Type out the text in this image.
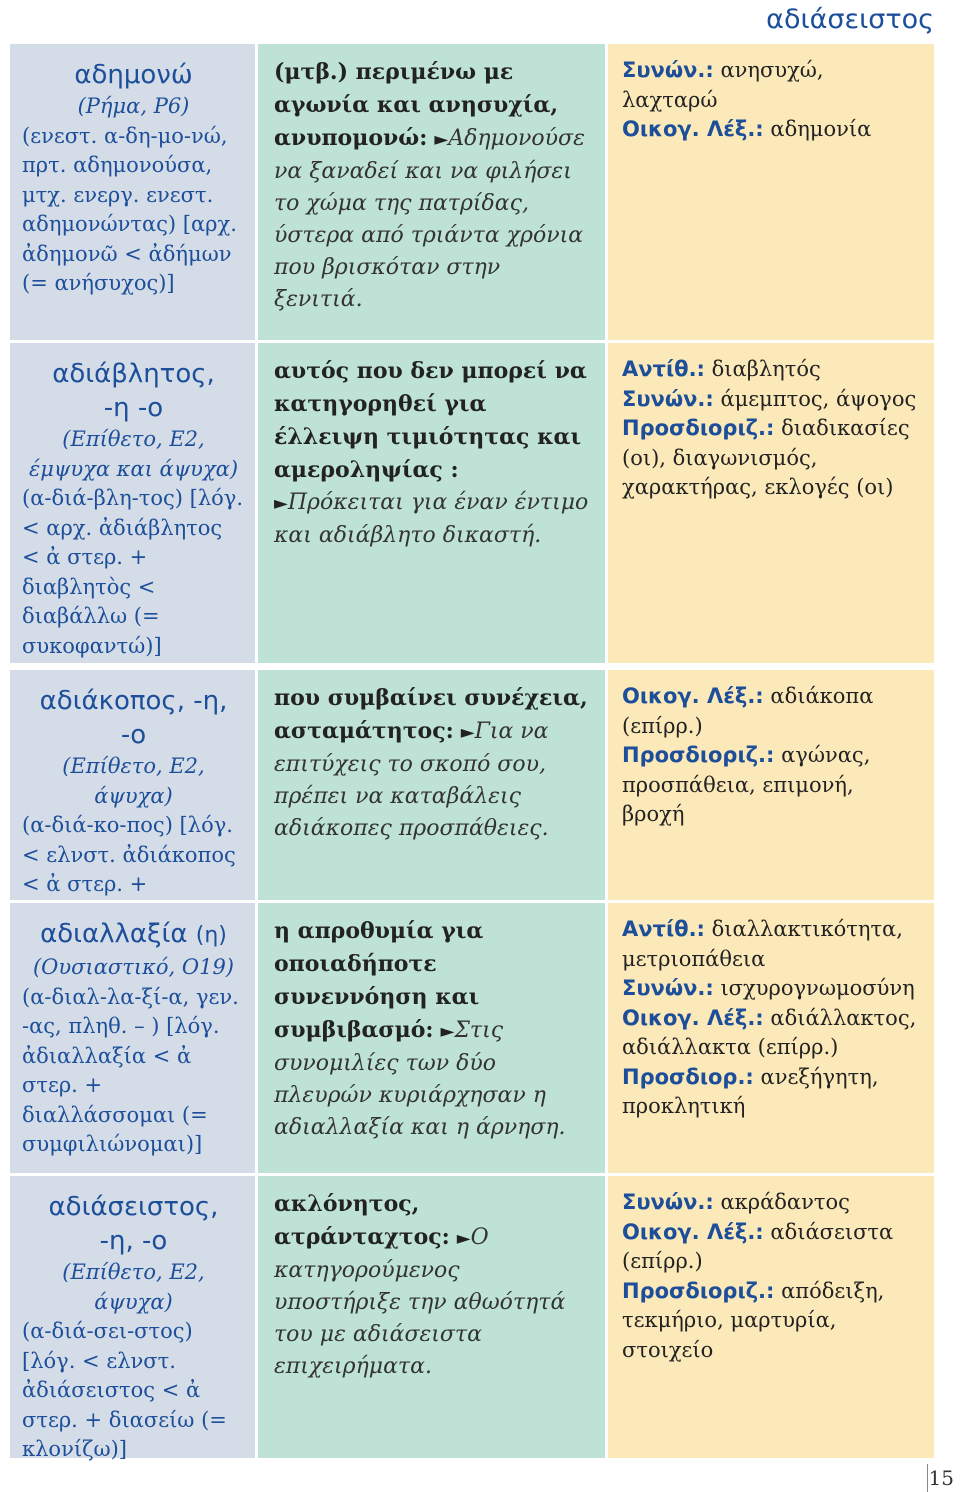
αδιάσειστος
αδημονώ
(Ρήμα, Ρ6)
(ενεστ. α-δη-μο-νώ, πρτ. αδημονούσα, μτχ. ενεργ. ενεστ. αδημονώντας) [αρχ. ἀδημονῶ < ἀδήμων (= ανήσυχος)]
(μτβ.) περιμένω με αγωνία και ανησυχία, ανυπομονώ: ►Αδημονούσε να ξαναδεί και να φιλήσει το χώμα της πατρίδας, ύστερα από τριάντα χρόνια που βρισκόταν στην ξενιτιά.

Συνών.: ανησυχώ, λαχταρώ

Οικογ. Λέξ.: αδημονία

αδιάβλητος,
-η -ο
(Επίθετο, Ε2, έμψυχα και άψυχα)
(α-διά-βλη-τος) [λόγ. < αρχ. ἀδιάβλητος < ἀ στερ. + διαβλητὸς < διαβάλλω (= συκοφαντώ)]
αυτός που δεν μπορεί να κατηγορηθεί για έλλειψη τιμιότητας και αμεροληψίας : ►Πρόκειται για έναν έντιμο και αδιάβλητο δικαστή.

Αντίθ.: διαβλητός

Συνών.: άμεμπτος, άψογος

Προσδιοριζ.: διαδικασίες (οι), διαγωνισμός, χαρακτήρας, εκλογές (οι)

αδιάκοπος, -η,
-ο
(Επίθετο, Ε2, άψυχα)
(α-διά-κο-πος) [λόγ. < ελνστ. ἀδιάκοπος < ἀ στερ. +
που συμβαίνει συνέχεια, ασταμάτητος: ►Για να επιτύχεις το σκοπό σου, πρέπει να καταβάλεις αδιάκοπες προσπάθειες.

Οικογ. Λέξ.: αδιάκοπα (επίρρ.)

Προσδιοριζ.: αγώνας, προσπάθεια, επιμονή, βροχή

αδιαλλαξία (η)
(Ουσιαστικό, Ο19)
(α-διαλ-λα-ξί-α, γεν. -ας, πληθ. – ) [λόγ. ἀδιαλλαξία < ἀ στερ. + διαλλάσσομαι (= συμφιλιώνομαι)]
η απροθυμία για οποιαδήποτε συνεννόηση και συμβιβασμό: ►Στις συνομιλίες των δύο πλευρών κυριάρχησαν η αδιαλλαξία και η άρνηση.

Αντίθ.: διαλλακτικότητα, μετριοπάθεια

Συνών.: ισχυρογνωμοσύνη

Οικογ. Λέξ.: αδιάλλακτος, αδιάλλακτα (επίρρ.)

Προσδιορ.: ανεξήγητη, προκλητική

αδιάσειστος,
-η, -ο
(Επίθετο, Ε2, άψυχα)
(α-διά-σει-στος) [λόγ. < ελνστ. ἀδιάσειστος < ἀ στερ. + διασείω (= κλονίζω)]
ακλόνητος, ατράνταχτος: ►Ο κατηγορούμενος υποστήριξε την αθωότητά του με αδιάσειστα επιχειρήματα.

Συνών.: ακράδαντος

Οικογ. Λέξ.: αδιάσειστα (επίρρ.)

Προσδιοριζ.: απόδειξη, τεκμήριο, μαρτυρία, στοιχείο

15
